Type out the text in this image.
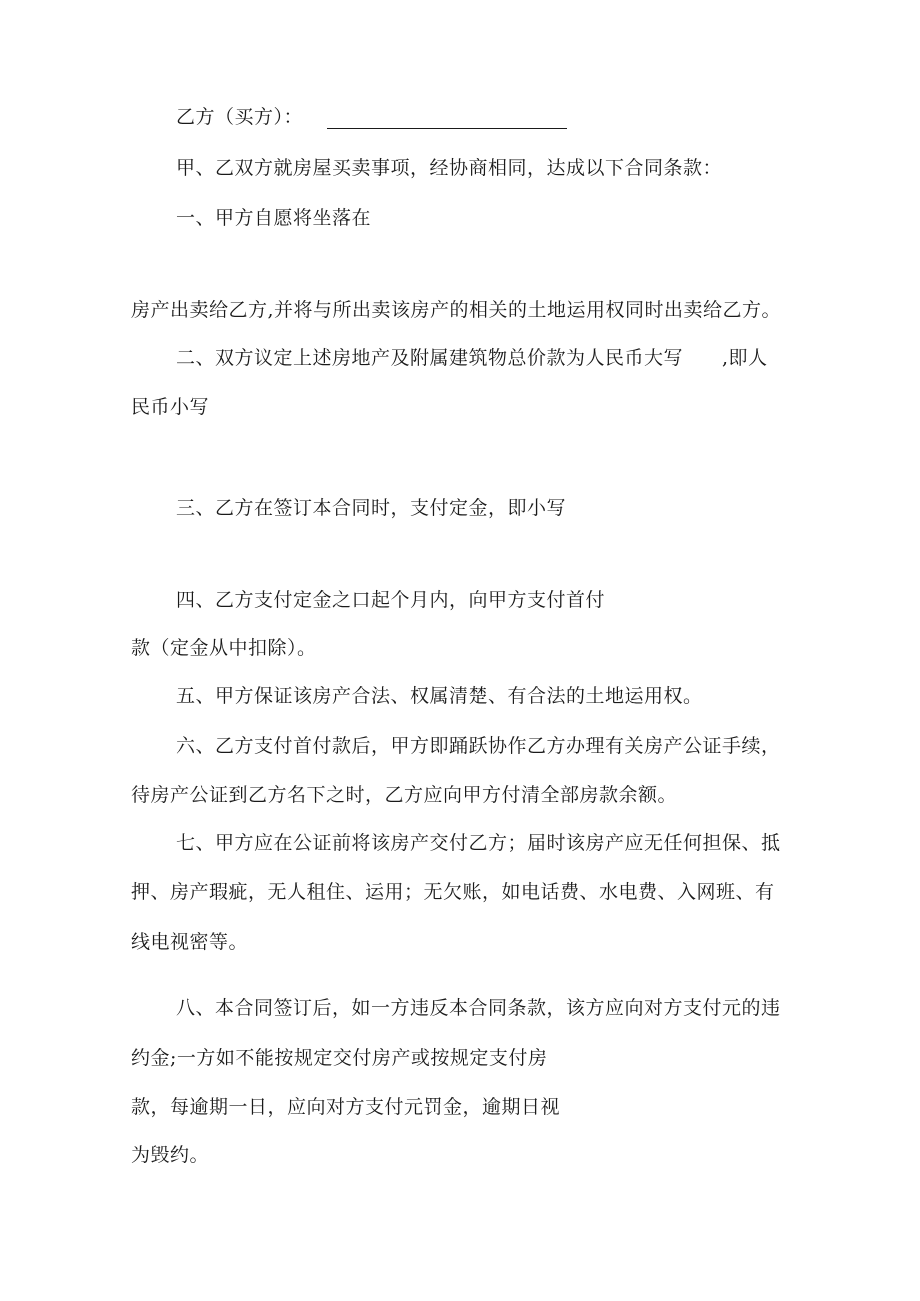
乙方（买方）：
甲、乙双方就房屋买卖事项，经协商相同，达成以下合同条款：
一、甲方自愿将坐落在
房产出卖给乙方,并将与所出卖该房产的相关的土地运用权同时出卖给乙方。
二、双方议定上述房地产及附属建筑物总价款为人民币大写　　,即人
民币小写
三、乙方在签订本合同时，支付定金，即小写
四、乙方支付定金之口起个月内，向甲方支付首付
款（定金从中扣除）。
五、甲方保证该房产合法、权属清楚、有合法的土地运用权。
六、乙方支付首付款后，甲方即踊跃协作乙方办理有关房产公证手续，
待房产公证到乙方名下之时，乙方应向甲方付清全部房款余额。
七、甲方应在公证前将该房产交付乙方；届时该房产应无任何担保、抵
押、房产瑕疵，无人租住、运用；无欠账，如电话费、水电费、入网班、有
线电视密等。
八、本合同签订后，如一方违反本合同条款，该方应向对方支付元的违
约金;一方如不能按规定交付房产或按规定支付房
款，每逾期一日，应向对方支付元罚金，逾期日视
为毁约。
